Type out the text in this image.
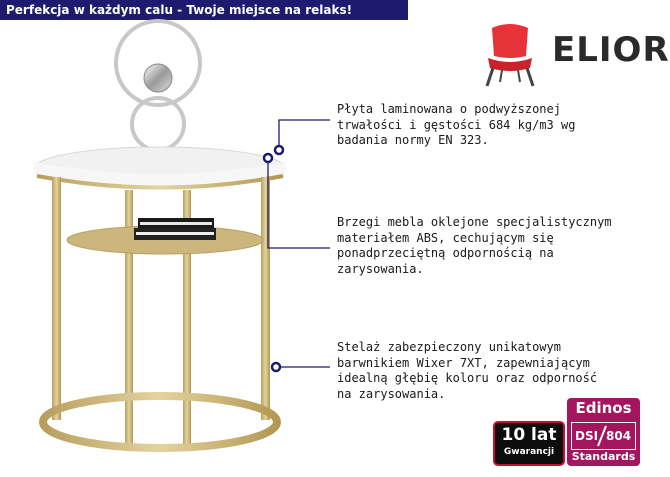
Perfekcja w każdym calu - Twoje miejsce na relaks!
ELIOR
Płyta laminowana o podwyższonej
trwałości i gęstości 684 kg/m3 wg
badania normy EN 323.
Brzegi mebla oklejone specjalistycznym
materiałem ABS, cechującym się
ponadprzeciętną odpornością na
zarysowania.
Stelaż zabezpieczony unikatowym
barwnikiem Wixer 7XT, zapewniającym
idealną głębię koloru oraz odporność
na zarysowania.
10 lat
Gwarancji
Edinos
DSI 804
Standards
